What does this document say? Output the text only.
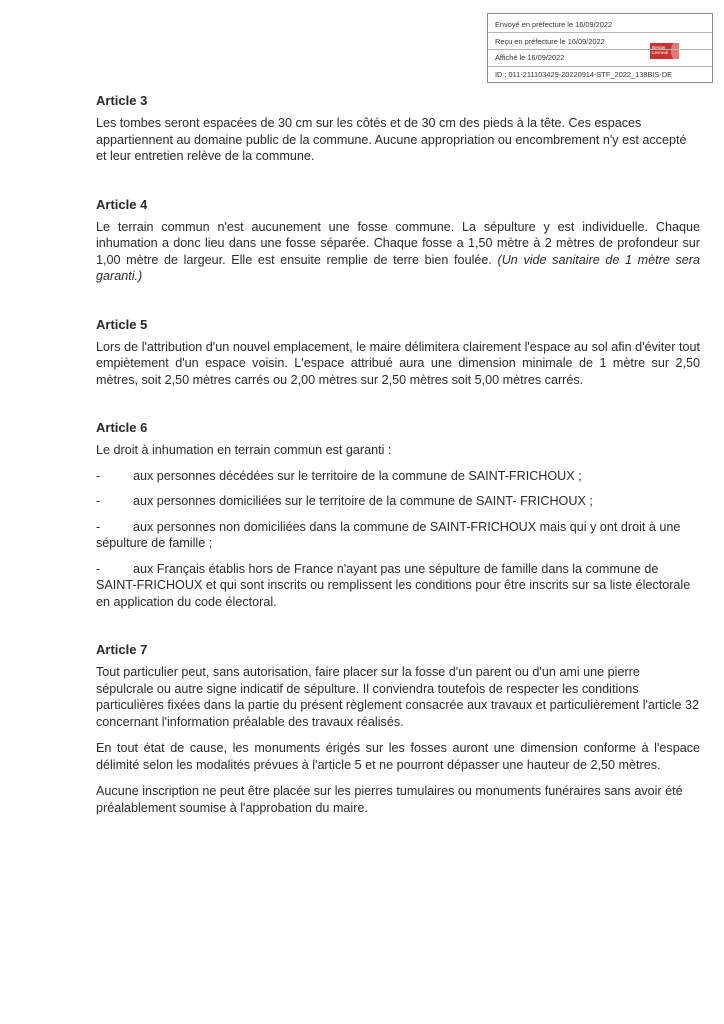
Envoyé en préfecture le 16/09/2022
Reçu en préfecture le 16/09/2022
Berger
Levrault
Affiché le 16/09/2022
ID : 011-211103429-20220914-STF_2022_138BIS-DE
Article 3

Les tombes seront espacées de 30 cm sur les côtés et de 30 cm des pieds à la tête. Ces espaces appartiennent au domaine public de la commune. Aucune appropriation ou encombrement n'y est accepté et leur entretien relève de la commune.

Article 4

Le terrain commun n'est aucunement une fosse commune. La sépulture y est individuelle. Chaque inhumation a donc lieu dans une fosse séparée. Chaque fosse a 1,50 mètre à 2 mètres de profondeur sur 1,00 mètre de largeur. Elle est ensuite remplie de terre bien foulée. (Un vide sanitaire de 1 mètre sera garanti.)

Article 5

Lors de l'attribution d'un nouvel emplacement, le maire délimitera clairement l'espace au sol afin d'éviter tout empiètement d'un espace voisin. L'espace attribué aura une dimension minimale de 1 mètre sur 2,50 mètres, soit 2,50 mètres carrés ou 2,00 mètres sur 2,50 mètres soit 5,00 mètres carrés.

Article 6

Le droit à inhumation en terrain commun est garanti :

-	aux personnes décédées sur le territoire de la commune de SAINT-FRICHOUX ;
-	aux personnes domiciliées sur le territoire de la commune de SAINT- FRICHOUX ;
-	aux personnes non domiciliées dans la commune de SAINT-FRICHOUX mais qui y ont droit à une sépulture de famille ;
-	aux Français établis hors de France n'ayant pas une sépulture de famille dans la commune de SAINT-FRICHOUX et qui sont inscrits ou remplissent les conditions pour être inscrits sur sa liste électorale en application du code électoral.
Article 7

Tout particulier peut, sans autorisation, faire placer sur la fosse d'un parent ou d'un ami une pierre sépulcrale ou autre signe indicatif de sépulture. Il conviendra toutefois de respecter les conditions particulières fixées dans la partie du présent règlement consacrée aux travaux et particulièrement l'article 32 concernant l'information préalable des travaux réalisés.

En tout état de cause, les monuments érigés sur les fosses auront une dimension conforme à l'espace délimité selon les modalités prévues à l'article 5 et ne pourront dépasser une hauteur de 2,50 mètres.

Aucune inscription ne peut être placée sur les pierres tumulaires ou monuments funéraires sans avoir été préalablement soumise à l'approbation du maire.
